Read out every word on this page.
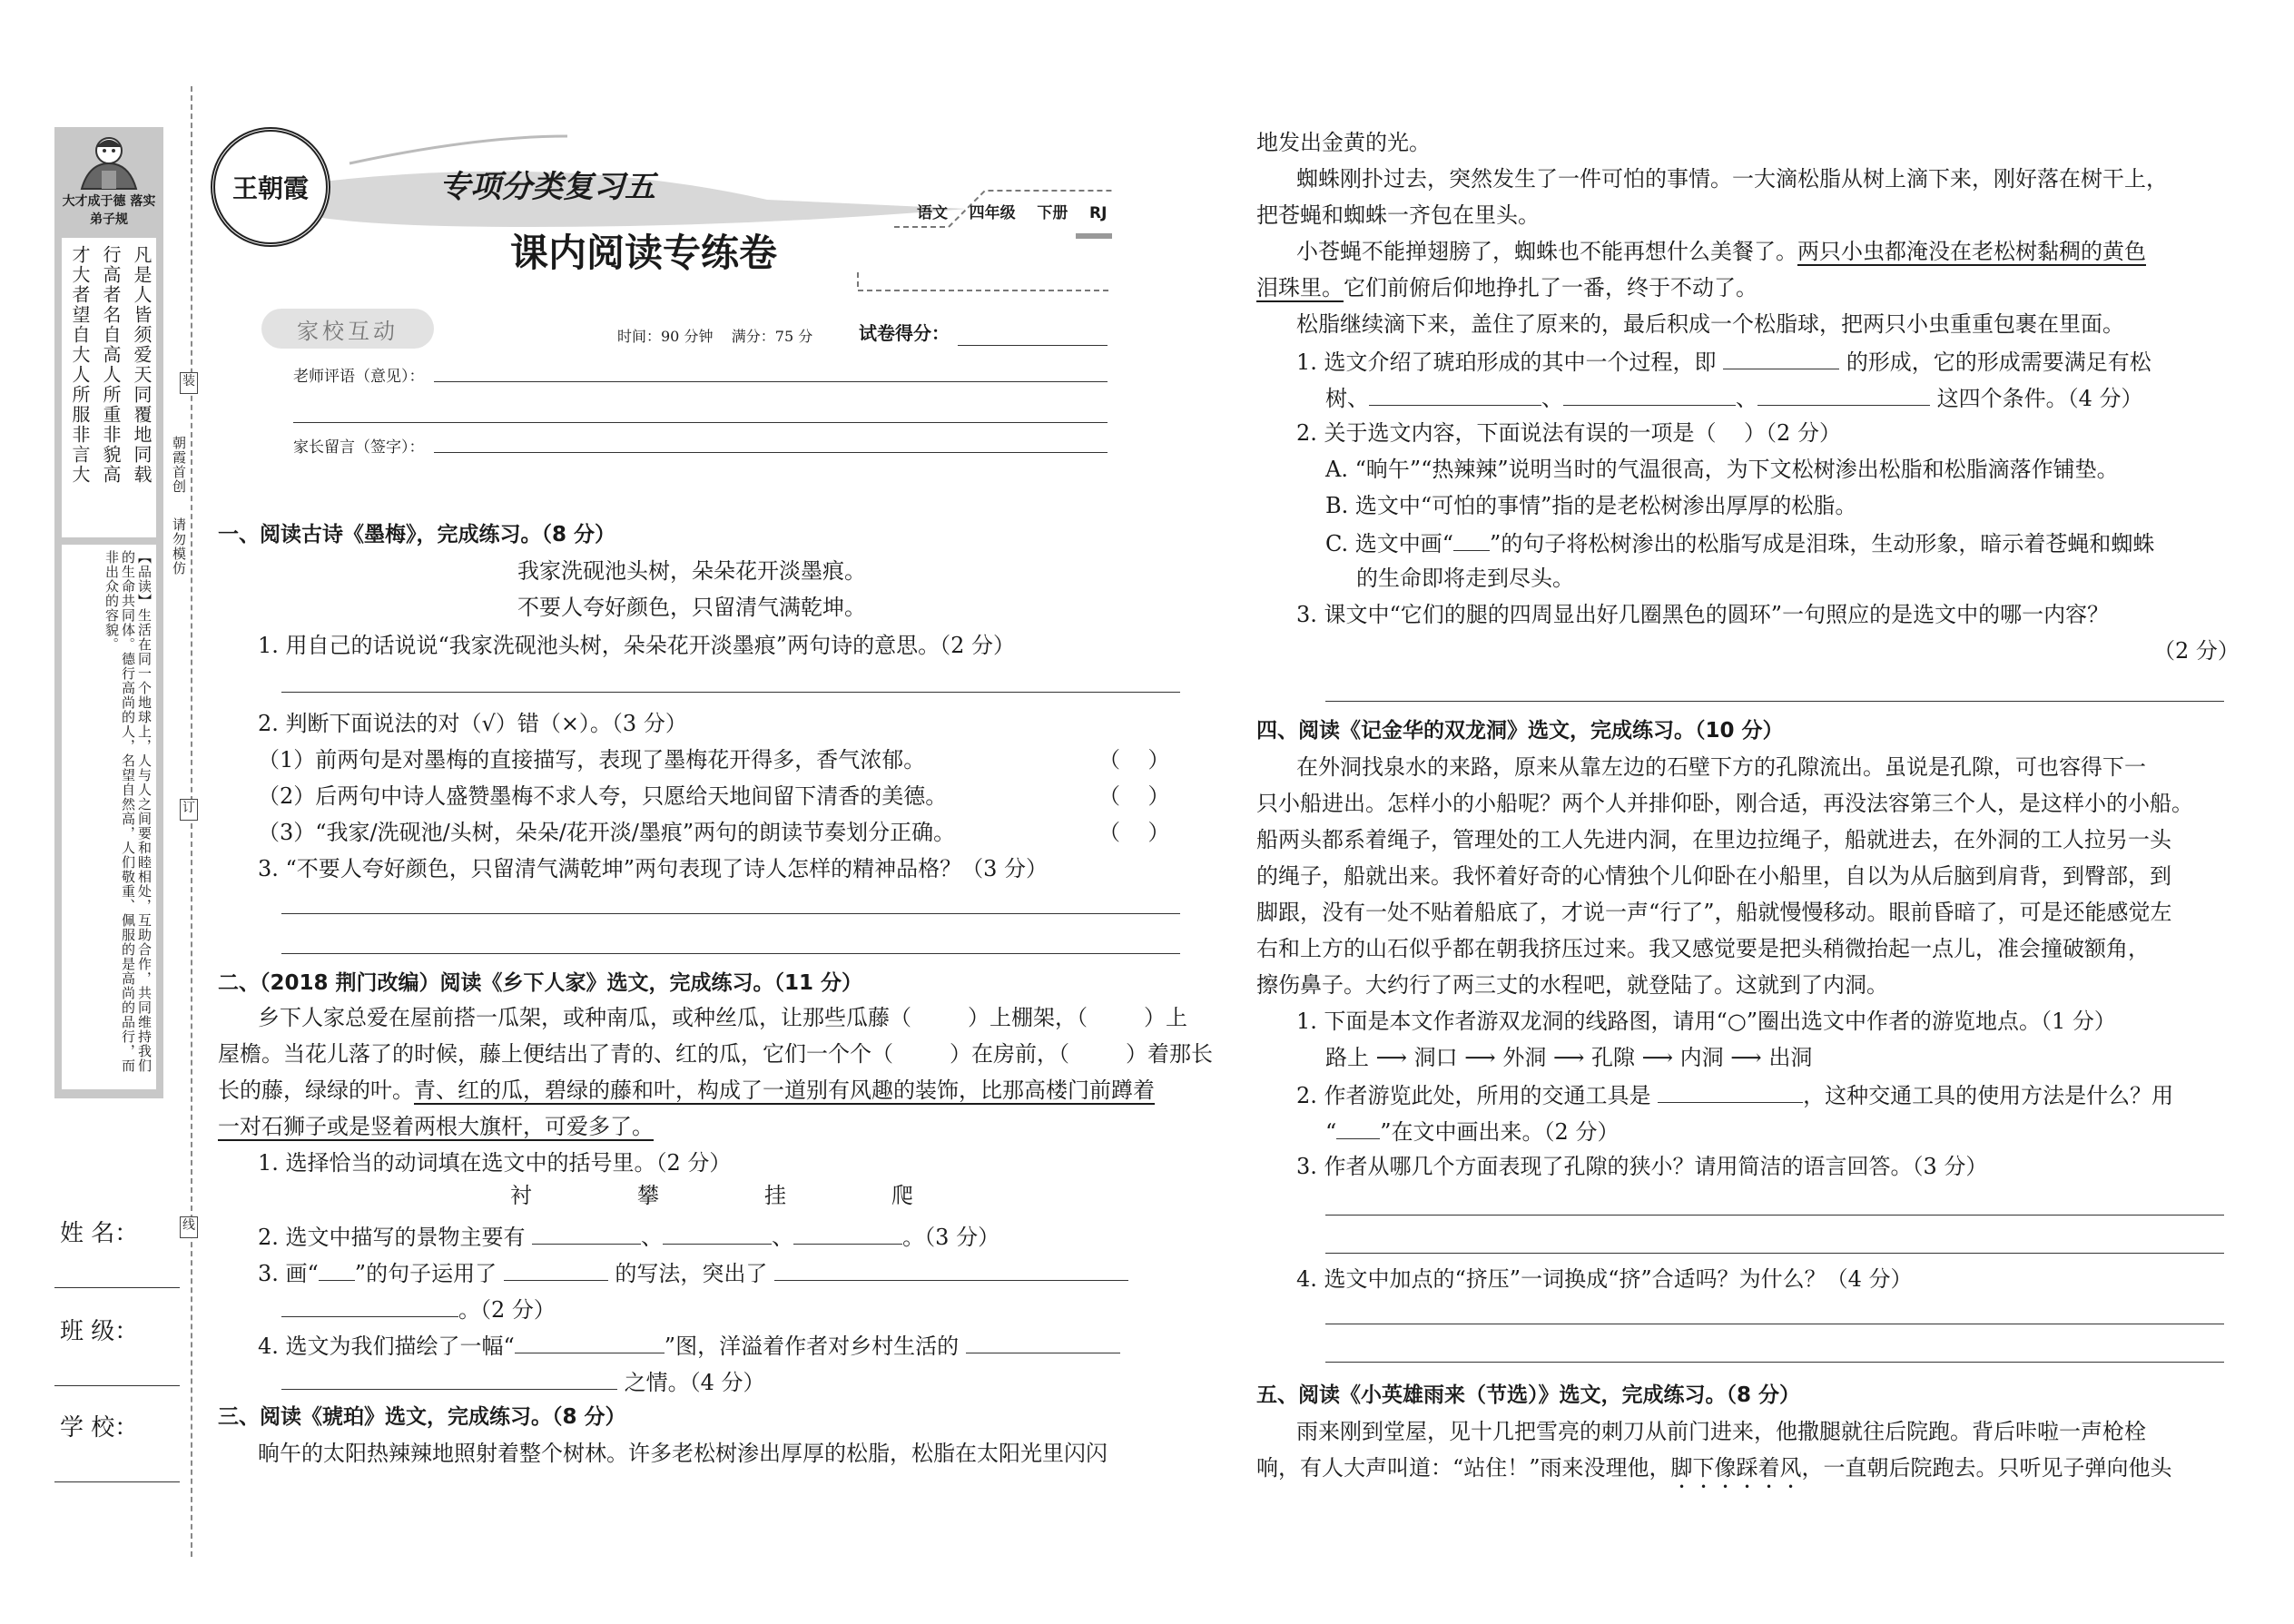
大才成于德 落实弟子规
凡是人皆须爱天同覆地同载
行高者名自高人所重非貌高
才大者望自大人所服非言大
【品读】生活在同一个地球上，人与人之间要和睦相处，互助合作，共同维持我们的生命共同体。德行高尚的人，名望自然高，人们敬重、佩服的是高尚的品行，而非出众的容貌。
朝霞首创
请勿模仿
装
订
线
姓 名：
班 级：
学 校：
王朝霞	专项分类复习五
课内阅读专练卷
语文    四年级    下册    RJ
家校互动	时间：90 分钟    满分：75 分	试卷得分：
老师评语（意见）：
家长留言（签字）：
一、阅读古诗《墨梅》，完成练习。（8 分）
我家洗砚池头树，朵朵花开淡墨痕。
不要人夸好颜色，只留清气满乾坤。
1. 用自己的话说说“我家洗砚池头树，朵朵花开淡墨痕”两句诗的意思。（2 分）
2. 判断下面说法的对（√）错（×）。（3 分）
（1）前两句是对墨梅的直接描写，表现了墨梅花开得多，香气浓郁。	（    ）
（2）后两句中诗人盛赞墨梅不求人夸，只愿给天地间留下清香的美德。	（    ）
（3）“我家/洗砚池/头树，朵朵/花开淡/墨痕”两句的朗读节奏划分正确。	（    ）
3. “不要人夸好颜色，只留清气满乾坤”两句表现了诗人怎样的精神品格？（3 分）
二、（2018 荆门改编）阅读《乡下人家》选文，完成练习。（11 分）
乡下人家总爱在屋前搭一瓜架，或种南瓜，或种丝瓜，让那些瓜藤（	）上棚架，（	）上
屋檐。当花儿落了的时候，藤上便结出了青的、红的瓜，它们一个个（	）在房前，（	）着那长
长的藤，绿绿的叶。青、红的瓜，碧绿的藤和叶，构成了一道别有风趣的装饰，比那高楼门前蹲着
一对石狮子或是竖着两根大旗杆，可爱多了。
1. 选择恰当的动词填在选文中的括号里。（2 分）
衬	攀	挂	爬
2. 选文中描写的景物主要有	、	、	。（3 分）
3. 画“ ”的句子运用了	的写法，突出了
。（2 分）
4. 选文为我们描绘了一幅“	”图，洋溢着作者对乡村生活的
之情。（4 分）
三、阅读《琥珀》选文，完成练习。（8 分）
晌午的太阳热辣辣地照射着整个树林。许多老松树渗出厚厚的松脂，松脂在太阳光里闪闪
地发出金黄的光。
蜘蛛刚扑过去，突然发生了一件可怕的事情。一大滴松脂从树上滴下来，刚好落在树干上，
把苍蝇和蜘蛛一齐包在里头。
小苍蝇不能掸翅膀了，蜘蛛也不能再想什么美餐了。两只小虫都淹没在老松树黏稠的黄色
泪珠里。它们前俯后仰地挣扎了一番，终于不动了。
松脂继续滴下来，盖住了原来的，最后积成一个松脂球，把两只小虫重重包裹在里面。
1. 选文介绍了琥珀形成的其中一个过程，即	的形成，它的形成需要满足有松
树、	、	、	这四个条件。（4 分）
2. 关于选文内容，下面说法有误的一项是（    ）（2 分）
A. “晌午”“热辣辣”说明当时的气温很高，为下文松树渗出松脂和松脂滴落作铺垫。
B. 选文中“可怕的事情”指的是老松树渗出厚厚的松脂。
C. 选文中画“ ”的句子将松树渗出的松脂写成是泪珠，生动形象，暗示着苍蝇和蜘蛛
的生命即将走到尽头。
3. 课文中“它们的腿的四周显出好几圈黑色的圆环”一句照应的是选文中的哪一内容？
（2 分）
四、阅读《记金华的双龙洞》选文，完成练习。（10 分）
在外洞找泉水的来路，原来从靠左边的石壁下方的孔隙流出。虽说是孔隙，可也容得下一
只小船进出。怎样小的小船呢？两个人并排仰卧，刚合适，再没法容第三个人，是这样小的小船。
船两头都系着绳子，管理处的工人先进内洞，在里边拉绳子，船就进去，在外洞的工人拉另一头
的绳子，船就出来。我怀着好奇的心情独个儿仰卧在小船里，自以为从后脑到肩背，到臀部，到
脚跟，没有一处不贴着船底了，才说一声“行了”，船就慢慢移动。眼前昏暗了，可是还能感觉左
右和上方的山石似乎都在朝我挤压过来。我又感觉要是把头稍微抬起一点儿，准会撞破额角，
擦伤鼻子。大约行了两三丈的水程吧，就登陆了。这就到了内洞。
1. 下面是本文作者游双龙洞的线路图，请用“○”圈出选文中作者的游览地点。（1 分）
路上 ⟶ 洞口 ⟶ 外洞 ⟶ 孔隙 ⟶ 内洞 ⟶ 出洞
2. 作者游览此处，所用的交通工具是	，这种交通工具的使用方法是什么？用
“ ”在文中画出来。（2 分）
3. 作者从哪几个方面表现了孔隙的狭小？请用简洁的语言回答。（3 分）
4. 选文中加点的“挤压”一词换成“挤”合适吗？为什么？（4 分）
五、阅读《小英雄雨来（节选）》选文，完成练习。（8 分）
雨来刚到堂屋，见十几把雪亮的刺刀从前门进来，他撒腿就往后院跑。背后咔啦一声枪栓
响，有人大声叫道：“站住！”雨来没理他，脚下像踩着风，一直朝后院跑去。只听见子弹向他头
